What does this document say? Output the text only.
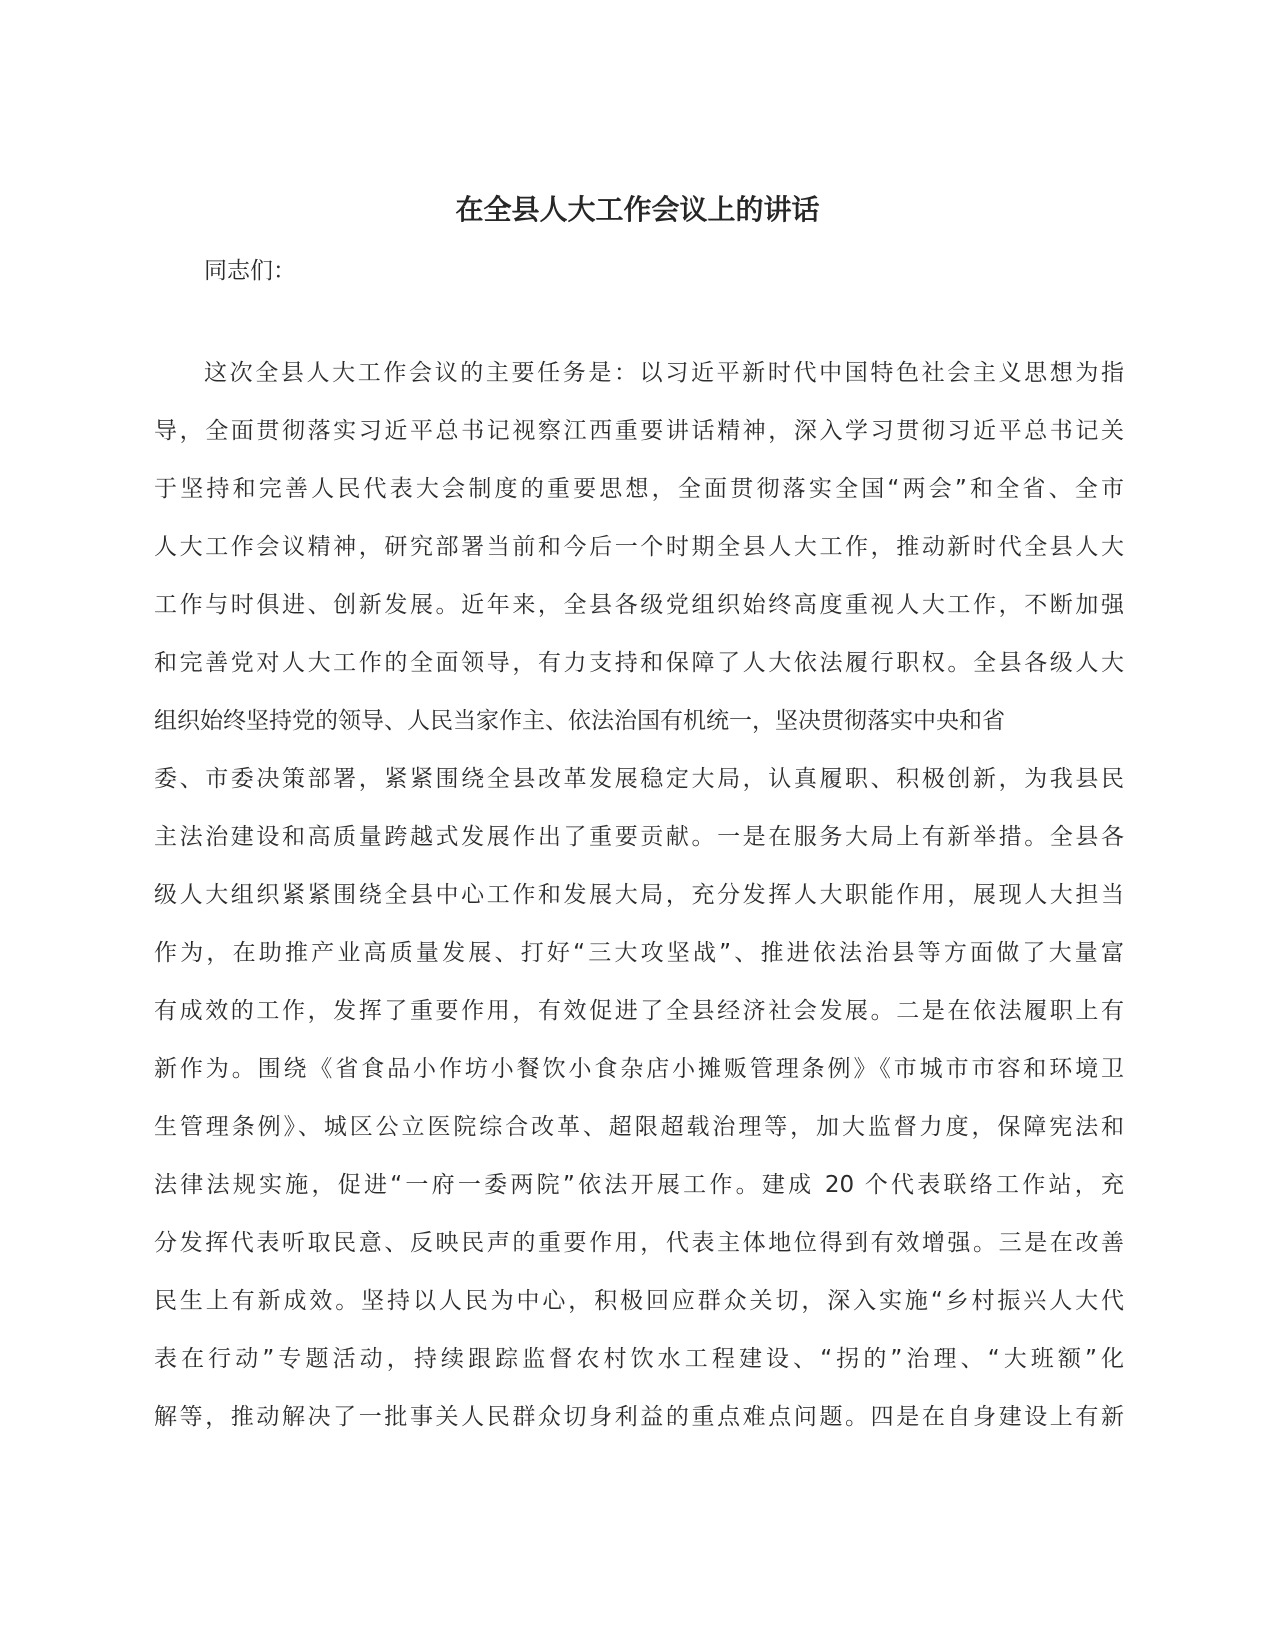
在全县人大工作会议上的讲话

同志们：

这次全县人大工作会议的主要任务是：以习近平新时代中国特色社会主义思想为指
导，全面贯彻落实习近平总书记视察江西重要讲话精神，深入学习贯彻习近平总书记关
于坚持和完善人民代表大会制度的重要思想，全面贯彻落实全国“两会”和全省、全市
人大工作会议精神，研究部署当前和今后一个时期全县人大工作，推动新时代全县人大
工作与时俱进、创新发展。近年来，全县各级党组织始终高度重视人大工作，不断加强
和完善党对人大工作的全面领导，有力支持和保障了人大依法履行职权。全县各级人大
组织始终坚持党的领导、人民当家作主、依法治国有机统一，坚决贯彻落实中央和省
委、市委决策部署，紧紧围绕全县改革发展稳定大局，认真履职、积极创新，为我县民
主法治建设和高质量跨越式发展作出了重要贡献。一是在服务大局上有新举措。全县各
级人大组织紧紧围绕全县中心工作和发展大局，充分发挥人大职能作用，展现人大担当
作为，在助推产业高质量发展、打好“三大攻坚战”、推进依法治县等方面做了大量富
有成效的工作，发挥了重要作用，有效促进了全县经济社会发展。二是在依法履职上有
新作为。围绕《省食品小作坊小餐饮小食杂店小摊贩管理条例》《市城市市容和环境卫
生管理条例》、城区公立医院综合改革、超限超载治理等，加大监督力度，保障宪法和
法律法规实施，促进“一府一委两院”依法开展工作。建成 20 个代表联络工作站，充
分发挥代表听取民意、反映民声的重要作用，代表主体地位得到有效增强。三是在改善
民生上有新成效。坚持以人民为中心，积极回应群众关切，深入实施“乡村振兴人大代
表在行动”专题活动，持续跟踪监督农村饮水工程建设、“拐的”治理、“大班额”化
解等，推动解决了一批事关人民群众切身利益的重点难点问题。四是在自身建设上有新
